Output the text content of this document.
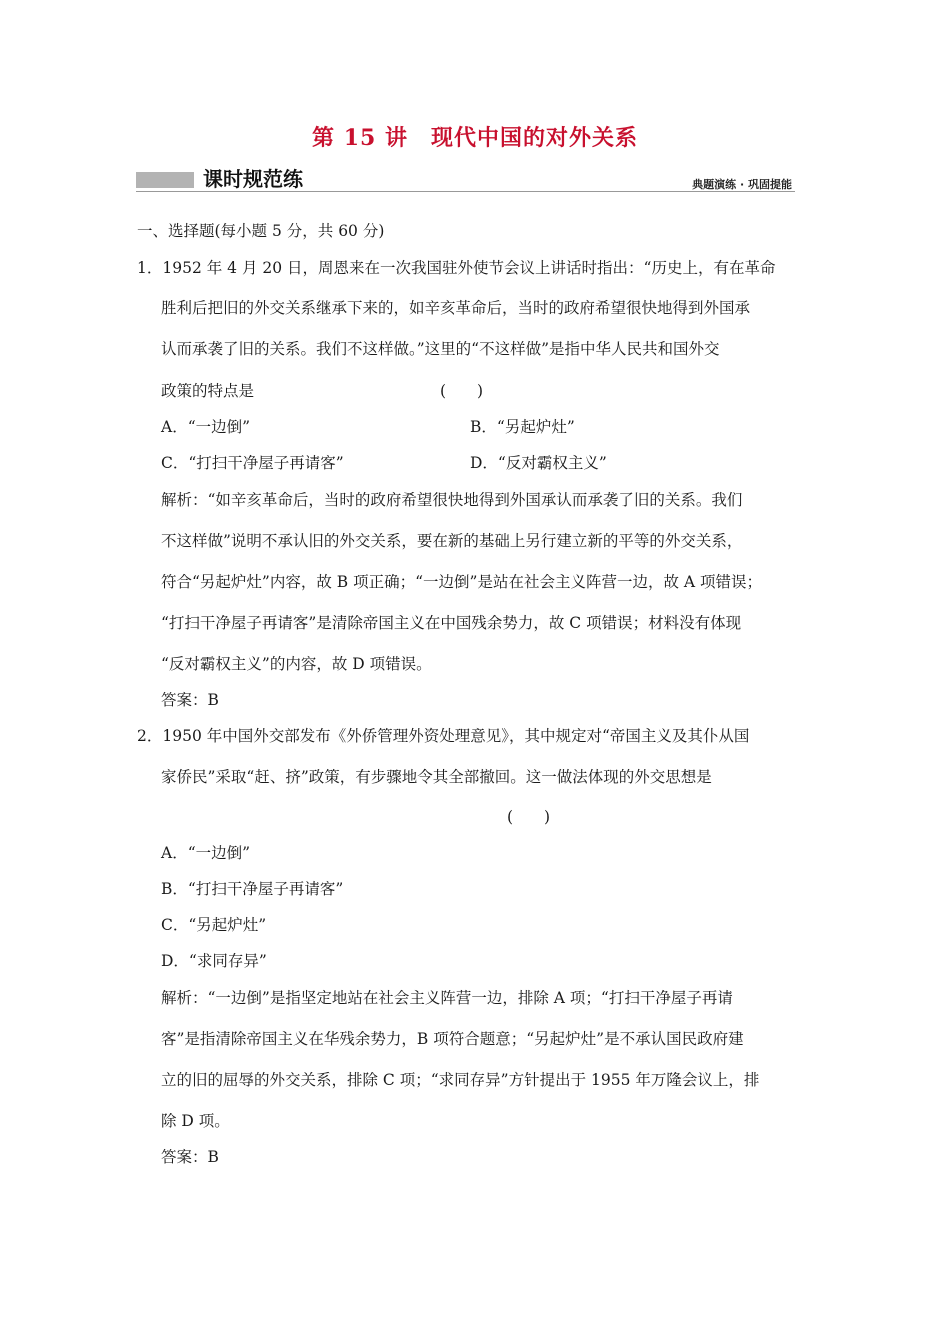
第 15 讲　现代中国的对外关系
课时规范练	典题演练 · 巩固提能
一、选择题(每小题 5 分，共 60 分)
1．1952 年 4 月 20 日，周恩来在一次我国驻外使节会议上讲话时指出：“历史上，有在革命
胜利后把旧的外交关系继承下来的，如辛亥革命后，当时的政府希望很快地得到外国承
认而承袭了旧的关系。我们不这样做。”这里的“不这样做”是指中华人民共和国外交
政策的特点是	(　　)
A．“一边倒”	B．“另起炉灶”
C．“打扫干净屋子再请客”	D．“反对霸权主义”
解析：“如辛亥革命后，当时的政府希望很快地得到外国承认而承袭了旧的关系。我们
不这样做”说明不承认旧的外交关系，要在新的基础上另行建立新的平等的外交关系，
符合“另起炉灶”内容，故 B 项正确；“一边倒”是站在社会主义阵营一边，故 A 项错误；
“打扫干净屋子再请客”是清除帝国主义在中国残余势力，故 C 项错误；材料没有体现
“反对霸权主义”的内容，故 D 项错误。
答案：B
2．1950 年中国外交部发布《外侨管理外资处理意见》，其中规定对“帝国主义及其仆从国
家侨民”采取“赶、挤”政策，有步骤地令其全部撤回。这一做法体现的外交思想是
(　　)
A．“一边倒”
B．“打扫干净屋子再请客”
C．“另起炉灶”
D．“求同存异”
解析：“一边倒”是指坚定地站在社会主义阵营一边，排除 A 项；“打扫干净屋子再请
客”是指清除帝国主义在华残余势力，B 项符合题意；“另起炉灶”是不承认国民政府建
立的旧的屈辱的外交关系，排除 C 项；“求同存异”方针提出于 1955 年万隆会议上，排
除 D 项。
答案：B
